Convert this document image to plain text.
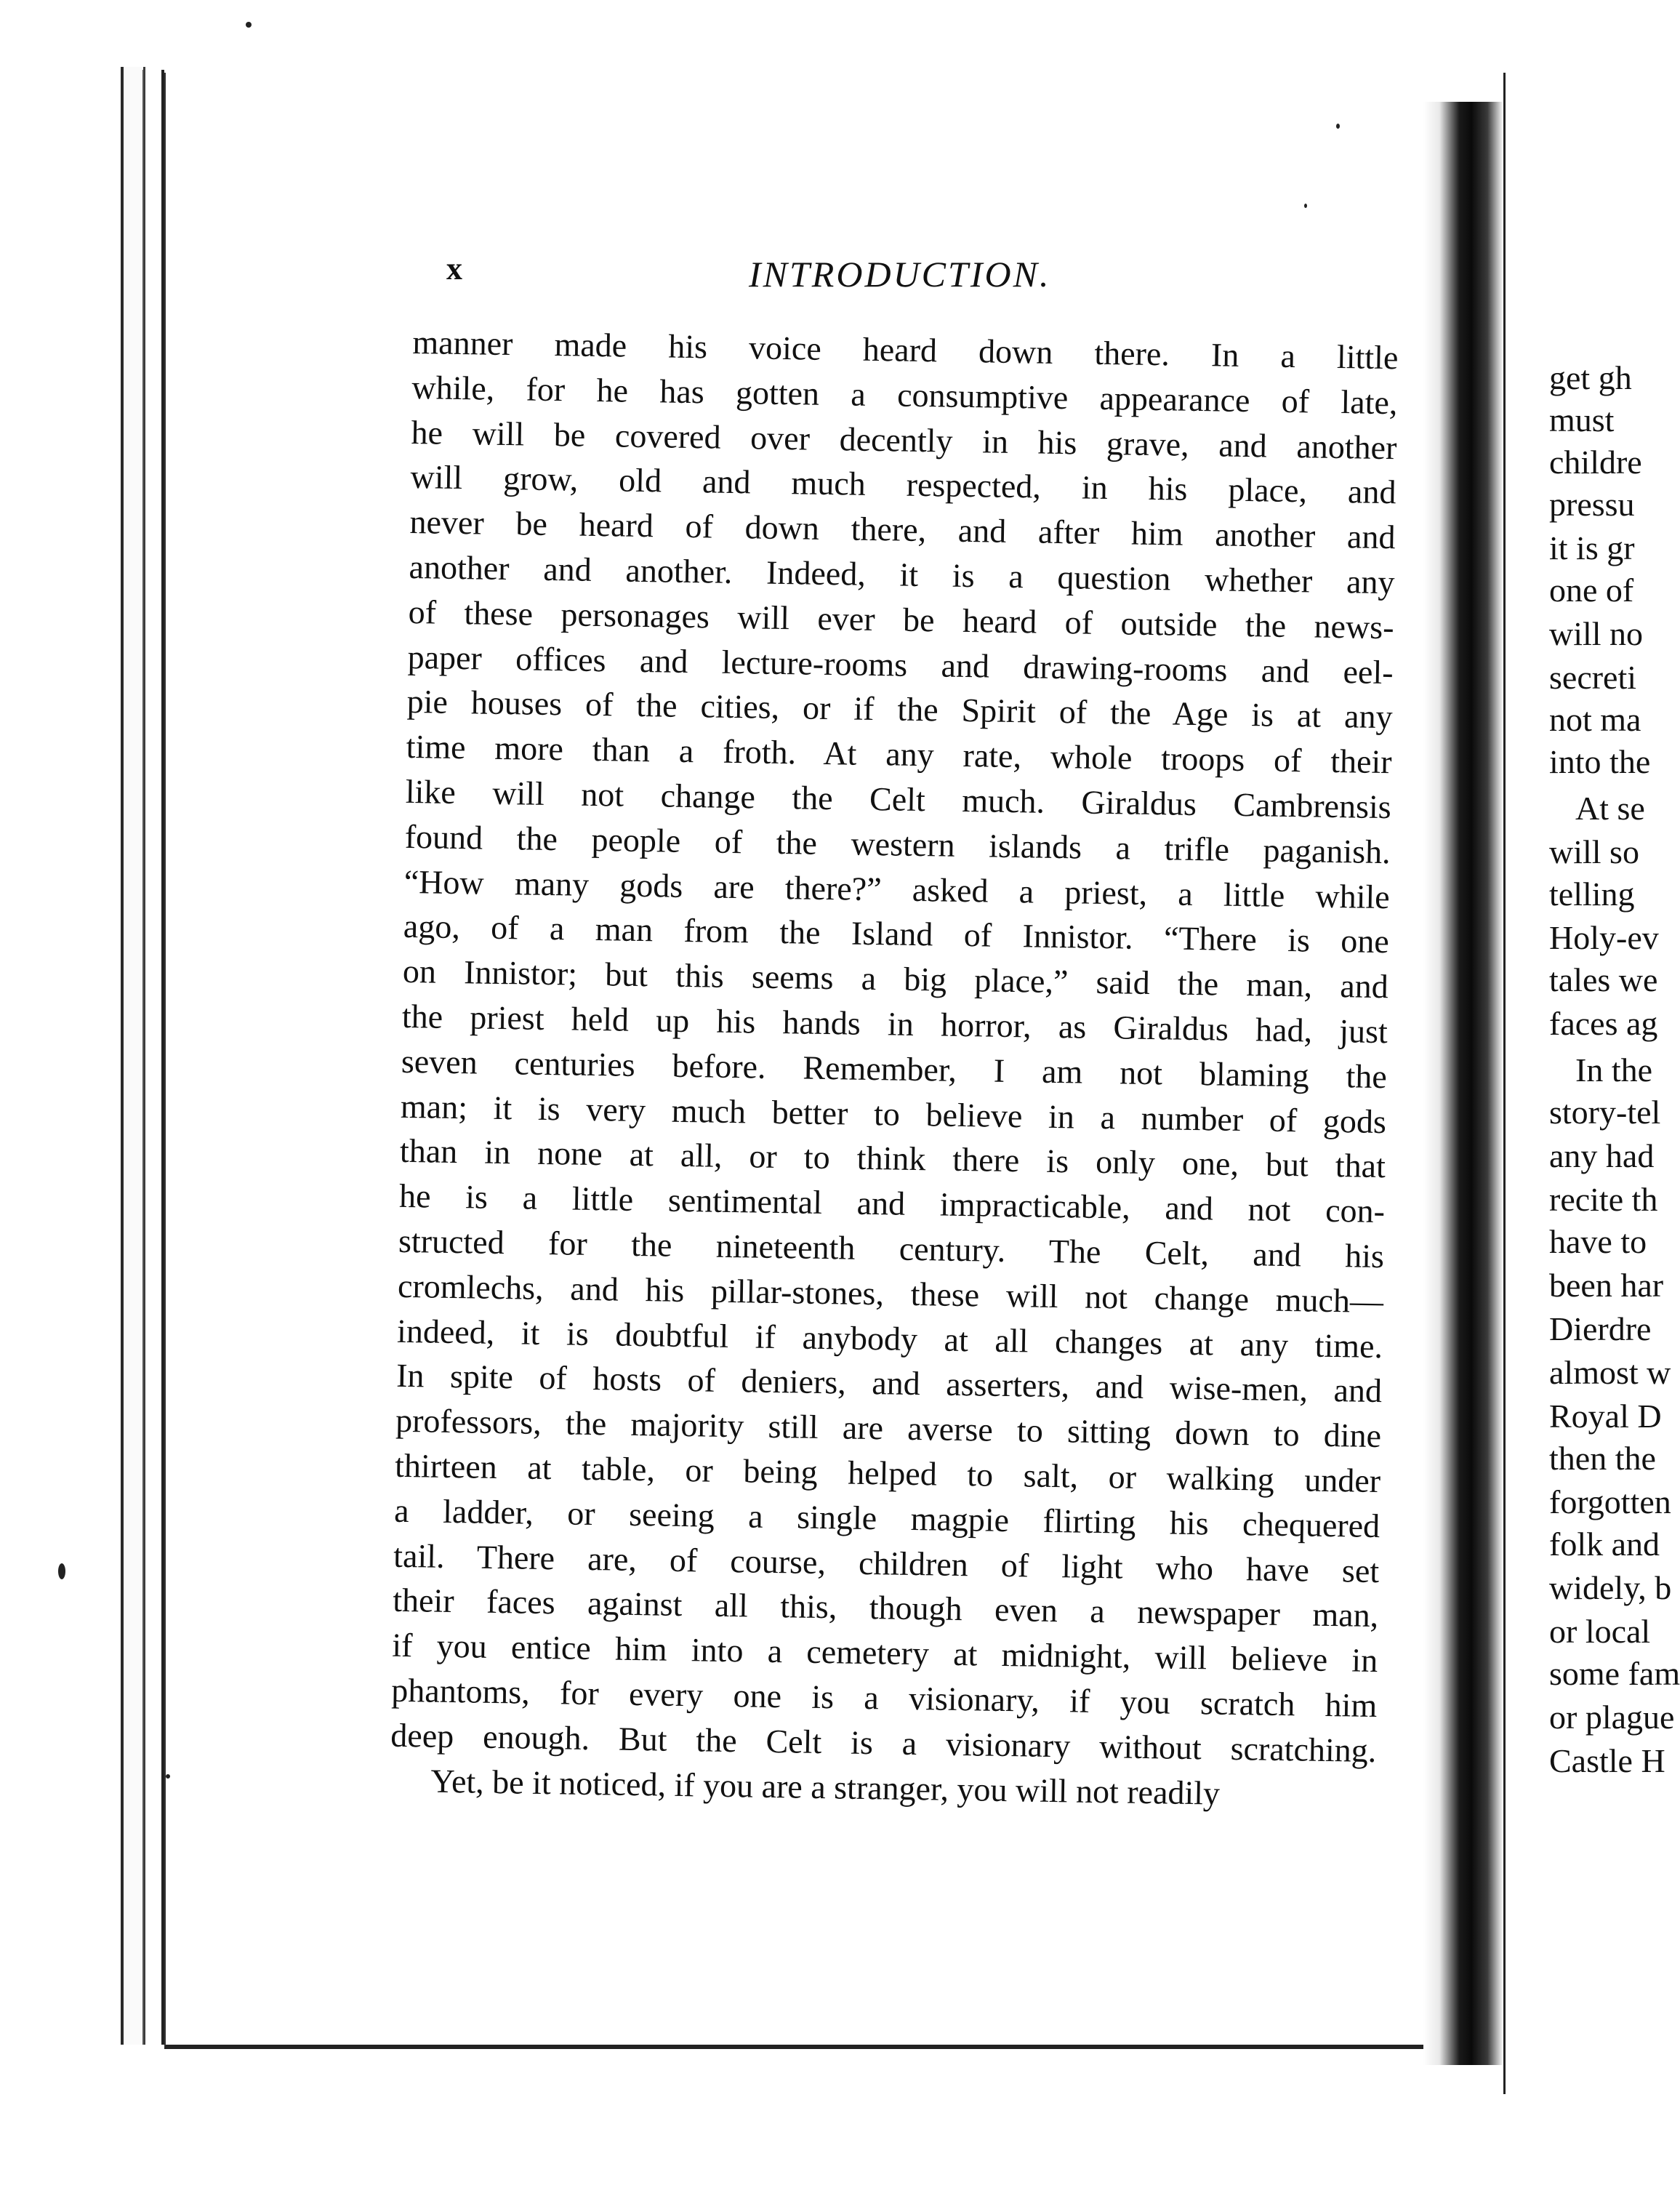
get gh
must
childre
pressu
it is gr
one of
will no
secreti
not ma
into the
At se
will so
telling
Holy-ev
tales we
faces ag
In the
story-tel
any had
recite th
have to
been har
Dierdre
almost w
Royal D
then the
forgotten
folk and
widely, b
or local
some fam
or plague
Castle H
x	INTRODUCTION.
manner made his voice heard down there. In a little
while, for he has gotten a consumptive appearance of late,
he will be covered over decently in his grave, and another
will grow, old and much respected, in his place, and
never be heard of down there, and after him another and
another and another. Indeed, it is a question whether any
of these personages will ever be heard of outside the news-
paper offices and lecture-rooms and drawing-rooms and eel-
pie houses of the cities, or if the Spirit of the Age is at any
time more than a froth. At any rate, whole troops of their
like will not change the Celt much. Giraldus Cambrensis
found the people of the western islands a trifle paganish.
“How many gods are there?” asked a priest, a little while
ago, of a man from the Island of Innistor. “There is one
on Innistor; but this seems a big place,” said the man, and
the priest held up his hands in horror, as Giraldus had, just
seven centuries before. Remember, I am not blaming the
man; it is very much better to believe in a number of gods
than in none at all, or to think there is only one, but that
he is a little sentimental and impracticable, and not con-
structed for the nineteenth century. The Celt, and his
cromlechs, and his pillar-stones, these will not change much—
indeed, it is doubtful if anybody at all changes at any time.
In spite of hosts of deniers, and asserters, and wise-men, and
professors, the majority still are averse to sitting down to dine
thirteen at table, or being helped to salt, or walking under
a ladder, or seeing a single magpie flirting his chequered
tail. There are, of course, children of light who have set
their faces against all this, though even a newspaper man,
if you entice him into a cemetery at midnight, will believe in
phantoms, for every one is a visionary, if you scratch him
deep enough. But the Celt is a visionary without scratching.
Yet, be it noticed, if you are a stranger, you will not readily
